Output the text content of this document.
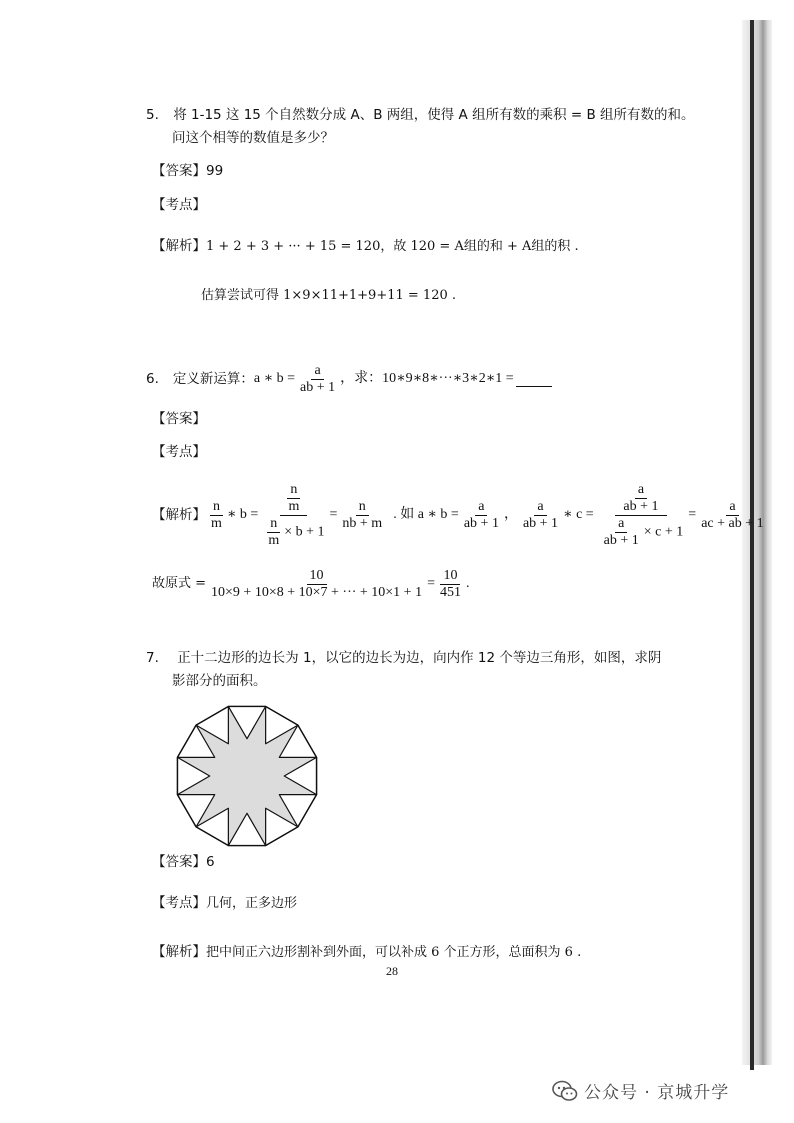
5. 将 1-15 这 15 个自然数分成 A、B 两组，使得 A 组所有数的乘积 = B 组所有数的和。
问这个相等的数值是多少？
【答案】99
【考点】
【解析】1 + 2 + 3 + ··· + 15 = 120，故 120 = A组的和 + A组的积 .
估算尝试可得 1×9×11+1+9+11 = 120 .
6. 定义新运算： a ∗ $b = \frac{a}{ab + 1}$ ，求：10∗9∗8∗···∗3∗2∗1 =
【答案】
【考点】
【解析】 $\frac{n}{m}$ ∗ $b = \frac{\frac{n}{m}}{\frac{n}{m} \times b + 1} = \frac{n}{nb + m}$ . 如 a ∗ $b = \frac{a}{ab + 1}$ ， $\frac{a}{ab + 1}$ ∗ $c = \frac{\frac{a}{ab + 1}}{\frac{a}{ab + 1} \times c + 1} = \frac{a}{ac + ab + 1}$
故原式 = $\frac{10}{10\times 9 + 10\times 8 + 10\times 7 + \cdot\cdot\cdot + 10\times 1 + 1} = \frac{10}{451}$ .
7. 正十二边形的边长为 1，以它的边长为边，向内作 12 个等边三角形，如图，求阴
影部分的面积。
【答案】6
【考点】几何，正多边形
【解析】把中间正六边形割补到外面，可以补成 6 个正方形，总面积为 6 .
28
公众号 · 京城升学
